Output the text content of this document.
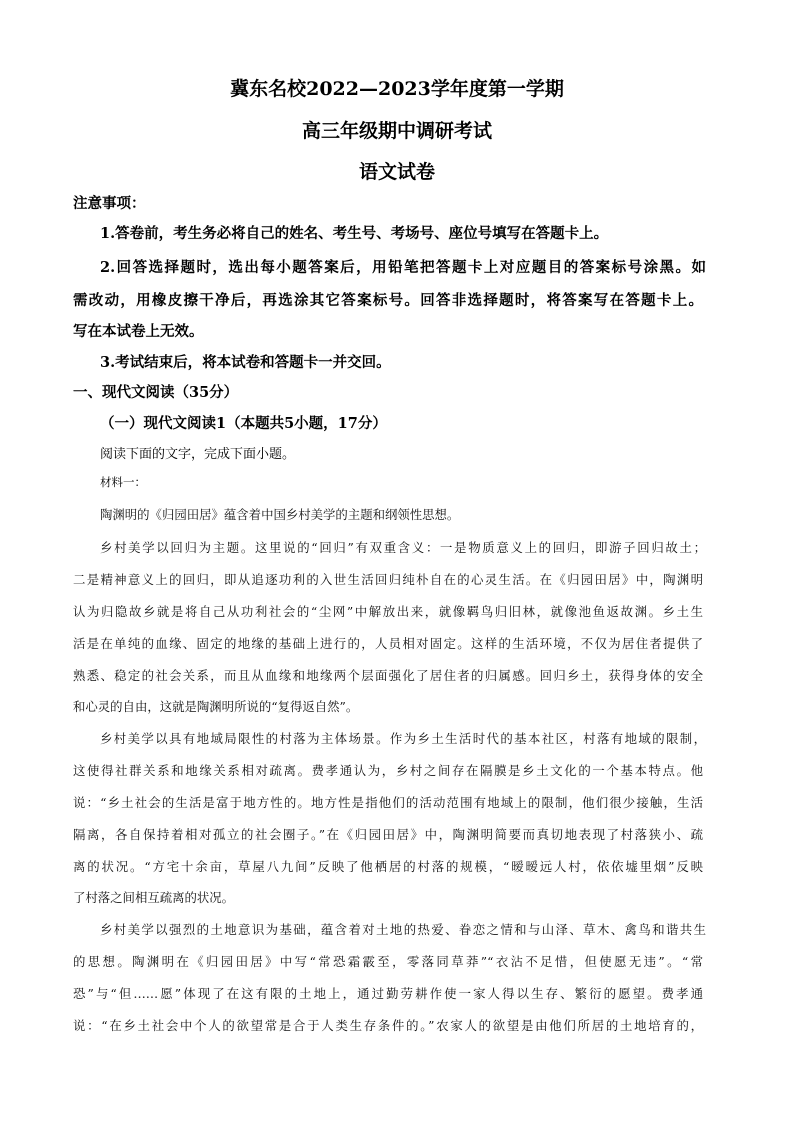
冀东名校2022—2023学年度第一学期
高三年级期中调研考试
语文试卷
注意事项：
1.答卷前，考生务必将自己的姓名、考生号、考场号、座位号填写在答题卡上。
2.回答选择题时，选出每小题答案后，用铅笔把答题卡上对应题目的答案标号涂黑。如
需改动，用橡皮擦干净后，再选涂其它答案标号。回答非选择题时，将答案写在答题卡上。
写在本试卷上无效。
3.考试结束后，将本试卷和答题卡一并交回。
一、现代文阅读（35分）
（一）现代文阅读1（本题共5小题，17分）
阅读下面的文字，完成下面小题。
材料一：
陶渊明的《归园田居》蕴含着中国乡村美学的主题和纲领性思想。
乡村美学以回归为主题。这里说的“回归”有双重含义：一是物质意义上的回归，即游子回归故土；
二是精神意义上的回归，即从追逐功利的入世生活回归纯朴自在的心灵生活。在《归园田居》中，陶渊明
认为归隐故乡就是将自己从功利社会的“尘网”中解放出来，就像羁鸟归旧林，就像池鱼返故渊。乡土生
活是在单纯的血缘、固定的地缘的基础上进行的，人员相对固定。这样的生活环境，不仅为居住者提供了
熟悉、稳定的社会关系，而且从血缘和地缘两个层面强化了居住者的归属感。回归乡土，获得身体的安全
和心灵的自由，这就是陶渊明所说的“复得返自然”。
乡村美学以具有地域局限性的村落为主体场景。作为乡土生活时代的基本社区，村落有地域的限制，
这使得社群关系和地缘关系相对疏离。费孝通认为，乡村之间存在隔膜是乡土文化的一个基本特点。他
说：“乡土社会的生活是富于地方性的。地方性是指他们的活动范围有地域上的限制，他们很少接触，生活
隔离，各自保持着相对孤立的社会圈子。”在《归园田居》中，陶渊明简要而真切地表现了村落狭小、疏
离的状况。“方宅十余亩，草屋八九间”反映了他栖居的村落的规模，“暧暧远人村，依依墟里烟”反映
了村落之间相互疏离的状况。
乡村美学以强烈的土地意识为基础，蕴含着对土地的热爱、眷恋之情和与山泽、草木、禽鸟和谐共生
的思想。陶渊明在《归园田居》中写“常恐霜霰至，零落同草莽”“衣沾不足惜，但使愿无违”。“常
恐”与“但……愿”体现了在这有限的土地上，通过勤劳耕作使一家人得以生存、繁衍的愿望。费孝通
说：“在乡土社会中个人的欲望常是合于人类生存条件的。”农家人的欲望是由他们所居的土地培育的，
